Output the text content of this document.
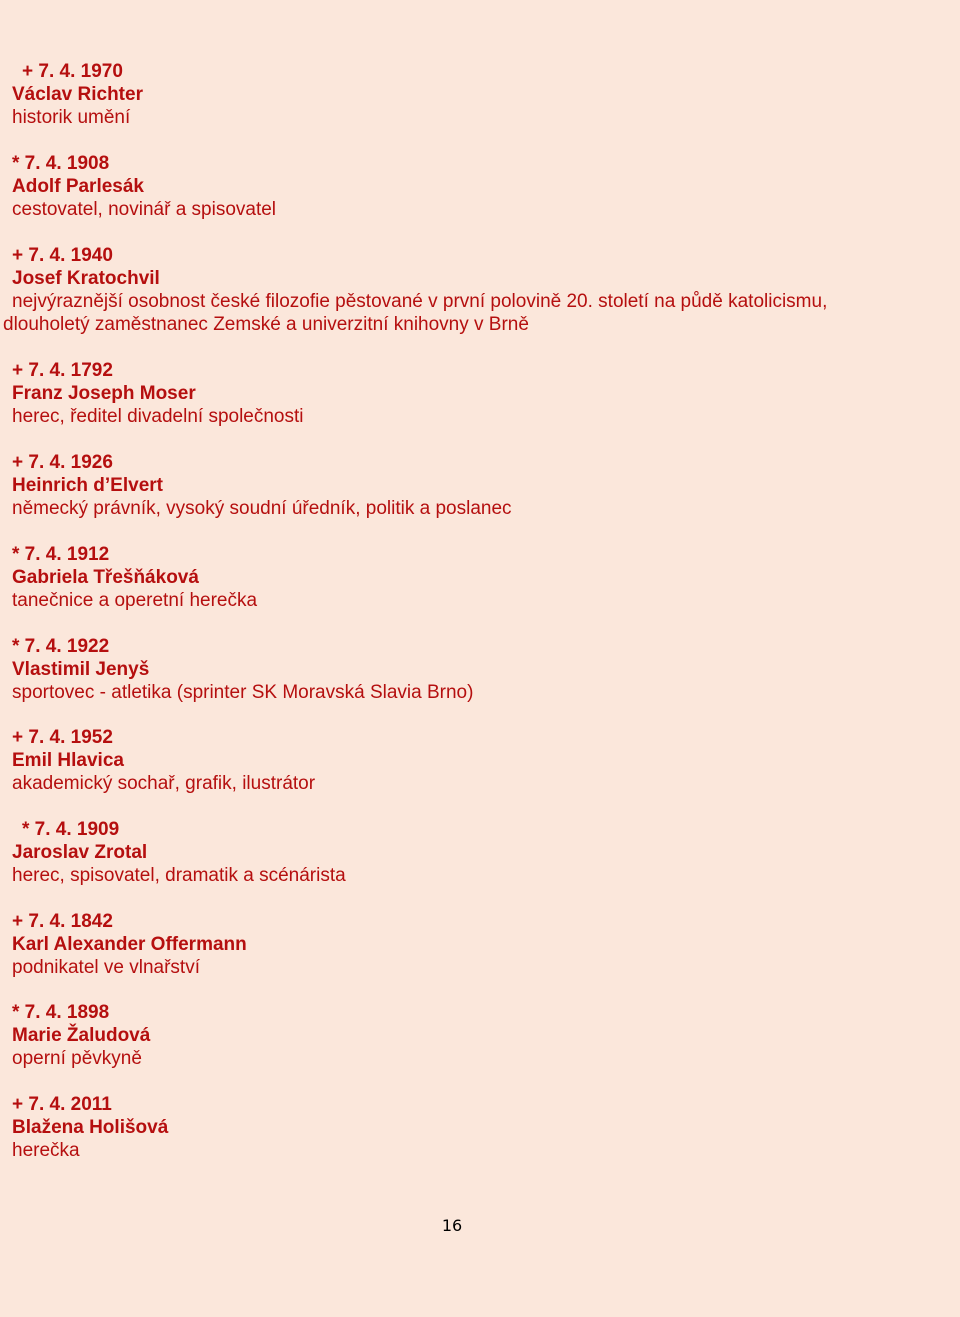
+ 7. 4. 1970
Václav Richter
historik umění
* 7. 4. 1908
Adolf Parlesák
cestovatel, novinář a spisovatel
+ 7. 4. 1940
Josef Kratochvil
nejvýraznější osobnost české filozofie pěstované v první polovině 20. století na půdě katolicismu,
dlouholetý zaměstnanec Zemské a univerzitní knihovny v Brně
+ 7. 4. 1792
Franz Joseph Moser
herec, ředitel divadelní společnosti
+ 7. 4. 1926
Heinrich d’Elvert
německý právník, vysoký soudní úředník, politik a poslanec
* 7. 4. 1912
Gabriela Třešňáková
tanečnice a operetní herečka
* 7. 4. 1922
Vlastimil Jenyš
sportovec - atletika (sprinter SK Moravská Slavia Brno)
+ 7. 4. 1952
Emil Hlavica
akademický sochař, grafik, ilustrátor
* 7. 4. 1909
Jaroslav Zrotal
herec, spisovatel, dramatik a scénárista
+ 7. 4. 1842
Karl Alexander Offermann
podnikatel ve vlnařství
* 7. 4. 1898
Marie Žaludová
operní pěvkyně
+ 7. 4. 2011
Blažena Holišová
herečka
16
